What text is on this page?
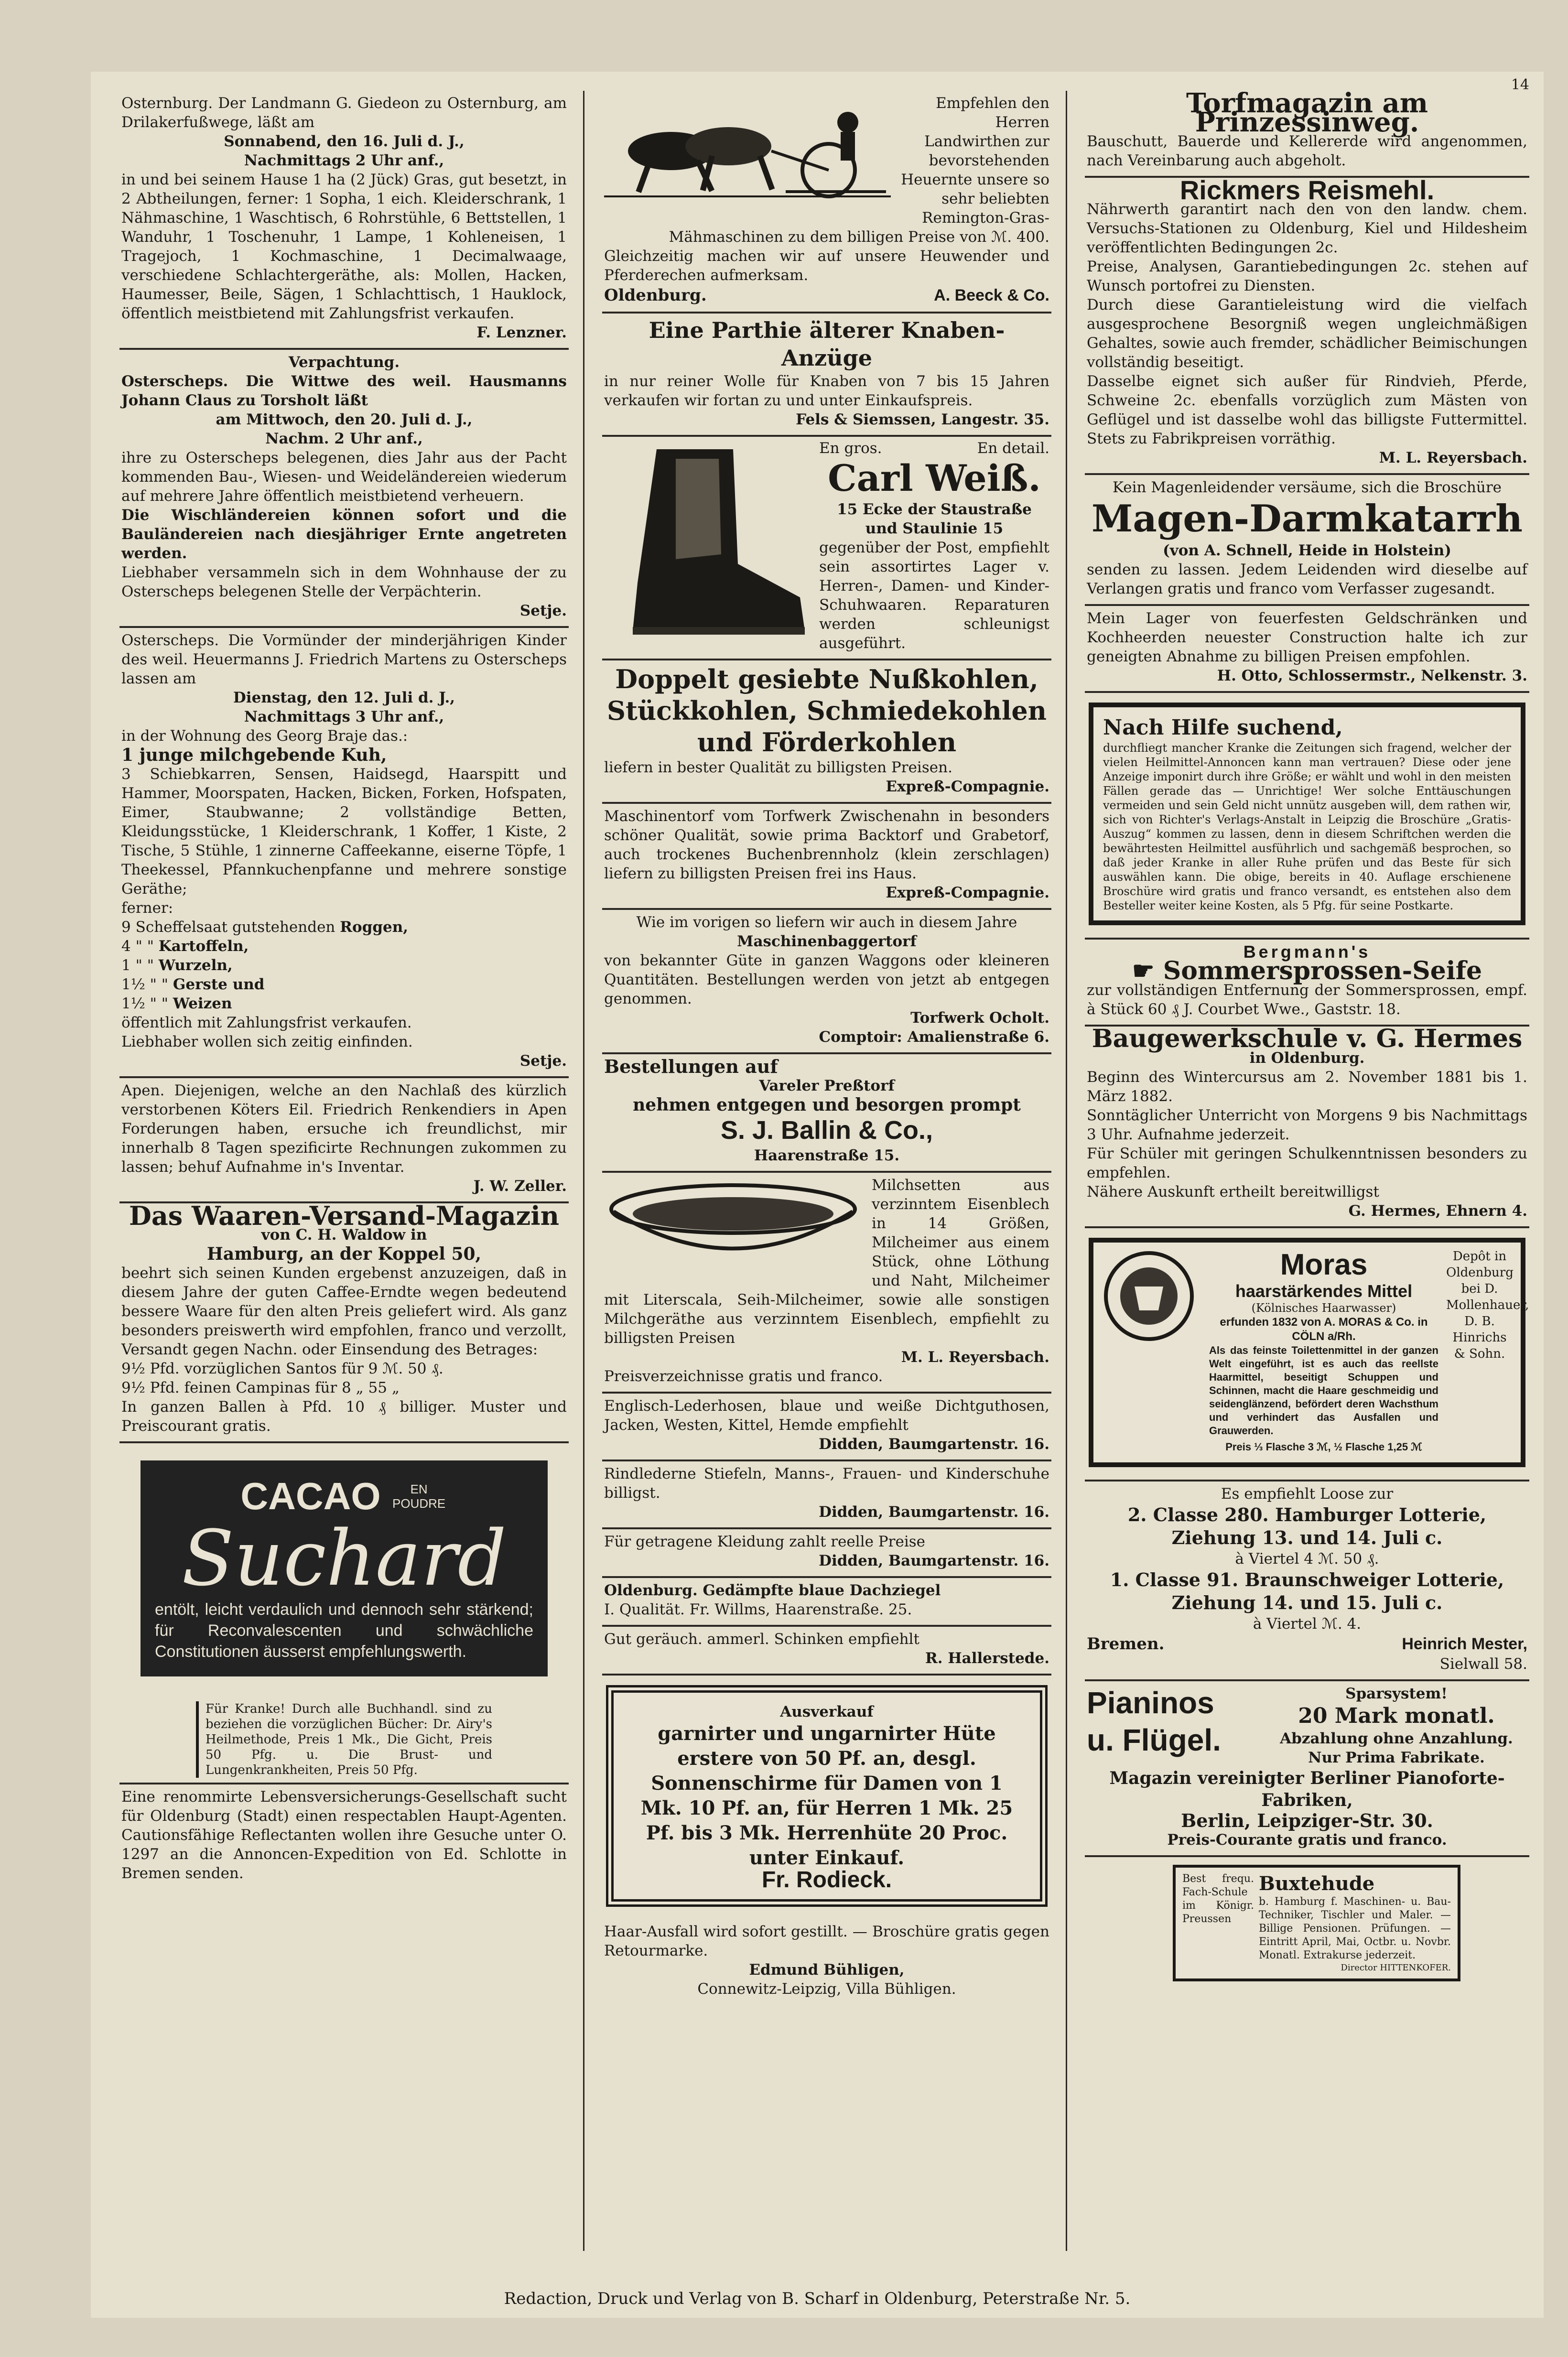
14

Osternburg. Der Landmann G. Giedeon zu Osternburg, am Drilakerfußwege, läßt am

Sonnabend, den 16. Juli d. J.,

Nachmittags 2 Uhr anf.,

in und bei seinem Hause 1 ha (2 Jück) Gras, gut besetzt, in 2 Abtheilungen, ferner: 1 Sopha, 1 eich. Kleiderschrank, 1 Nähmaschine, 1 Waschtisch, 6 Rohrstühle, 6 Bettstellen, 1 Wanduhr, 1 Toschenuhr, 1 Lampe, 1 Kohleneisen, 1 Tragejoch, 1 Kochmaschine, 1 Decimalwaage, verschiedene Schlachtergeräthe, als: Mollen, Hacken, Haumesser, Beile, Sägen, 1 Schlachttisch, 1 Hauklock, öffentlich meistbietend mit Zahlungsfrist verkaufen.

F. Lenzner.

Verpachtung.

Osterscheps. Die Wittwe des weil. Hausmanns Johann Claus zu Torsholt läßt

am Mittwoch, den 20. Juli d. J.,

Nachm. 2 Uhr anf.,

ihre zu Osterscheps belegenen, dies Jahr aus der Pacht kommenden Bau-, Wiesen- und Weideländereien wiederum auf mehrere Jahre öffentlich meistbietend verheuern.

Die Wischländereien können sofort und die Bauländereien nach diesjähriger Ernte angetreten werden.

Liebhaber versammeln sich in dem Wohnhause der zu Osterscheps belegenen Stelle der Verpächterin.

Setje.

Osterscheps. Die Vormünder der minderjährigen Kinder des weil. Heuermanns J. Friedrich Martens zu Osterscheps lassen am

Dienstag, den 12. Juli d. J.,

Nachmittags 3 Uhr anf.,

in der Wohnung des Georg Braje das.:

1 junge milchgebende Kuh,

3 Schiebkarren, Sensen, Haidsegd, Haarspitt und Hammer, Moorspaten, Hacken, Bicken, Forken, Hofspaten, Eimer, Staubwanne; 2 vollständige Betten, Kleidungsstücke, 1 Kleiderschrank, 1 Koffer, 1 Kiste, 2 Tische, 5 Stühle, 1 zinnerne Caffeekanne, eiserne Töpfe, 1 Theekessel, Pfannkuchenpfanne und mehrere sonstige Geräthe;

ferner:

9 Scheffelsaat gutstehenden Roggen,

4 " " Kartoffeln,

1 " " Wurzeln,

1½ " " Gerste und

1½ " " Weizen

öffentlich mit Zahlungsfrist verkaufen.

Liebhaber wollen sich zeitig einfinden.

Setje.

Apen. Diejenigen, welche an den Nachlaß des kürzlich verstorbenen Köters Eil. Friedrich Renkendiers in Apen Forderungen haben, ersuche ich freundlichst, mir innerhalb 8 Tagen spezificirte Rechnungen zukommen zu lassen; behuf Aufnahme in's Inventar.

J. W. Zeller.

Das Waaren-Versand-Magazin

von C. H. Waldow in

Hamburg, an der Koppel 50,

beehrt sich seinen Kunden ergebenst anzuzeigen, daß in diesem Jahre der guten Caffee-Erndte wegen bedeutend bessere Waare für den alten Preis geliefert wird. Als ganz besonders preiswerth wird empfohlen, franco und verzollt, Versandt gegen Nachn. oder Einsendung des Betrages:

9½ Pfd. vorzüglichen Santos für 9 ℳ. 50 ₰.

9½ Pfd. feinen Campinas für 8 „ 55 „

In ganzen Ballen à Pfd. 10 ₰ billiger. Muster und Preiscourant gratis.

CACAO	EN POUDRE
Suchard

entölt, leicht verdaulich und dennoch sehr stärkend; für Reconvalescenten und schwächliche Constitutionen äusserst empfehlungswerth.

Für Kranke! Durch alle Buchhandl. sind zu beziehen die vorzüglichen Bücher: Dr. Airy's Heilmethode, Preis 1 Mk., Die Gicht, Preis 50 Pfg. u. Die Brust- und Lungenkrankheiten, Preis 50 Pfg.

Eine renommirte Lebensversicherungs-Gesellschaft sucht für Oldenburg (Stadt) einen respectablen Haupt-Agenten. Cautionsfähige Reflectanten wollen ihre Gesuche unter O. 1297 an die Annoncen-Expedition von Ed. Schlotte in Bremen senden.

Empfehlen den Herren Landwirthen zur bevorstehenden Heuernte unsere so sehr beliebten Remington-Gras-Mähmaschinen zu dem billigen Preise von ℳ. 400.

Gleichzeitig machen wir auf unsere Heuwender und Pferderechen aufmerksam.

Oldenburg.	A. Beeck & Co.

Eine Parthie älterer Knaben-Anzüge

in nur reiner Wolle für Knaben von 7 bis 15 Jahren verkaufen wir fortan zu und unter Einkaufspreis.

Fels & Siemssen, Langestr. 35.

En gros.	En detail.

Carl Weiß.

15 Ecke der Staustraße und Staulinie 15

gegenüber der Post, empfiehlt sein assortirtes Lager v. Herren-, Damen- und Kinder-Schuhwaaren. Reparaturen werden schleunigst ausgeführt.

Doppelt gesiebte Nußkohlen, Stückkohlen, Schmiedekohlen und Förderkohlen

liefern in bester Qualität zu billigsten Preisen.

Expreß-Compagnie.

Maschinentorf vom Torfwerk Zwischenahn in besonders schöner Qualität, sowie prima Backtorf und Grabetorf, auch trockenes Buchenbrennholz (klein zerschlagen) liefern zu billigsten Preisen frei ins Haus.

Expreß-Compagnie.

Wie im vorigen so liefern wir auch in diesem Jahre

Maschinenbaggertorf

von bekannter Güte in ganzen Waggons oder kleineren Quantitäten. Bestellungen werden von jetzt ab entgegen genommen.

Torfwerk Ocholt.

Comptoir: Amalienstraße 6.

Bestellungen auf

Vareler Preßtorf

nehmen entgegen und besorgen prompt

S. J. Ballin & Co.,

Haarenstraße 15.

Milchsetten aus verzinntem Eisenblech in 14 Größen, Milcheimer aus einem Stück, ohne Löthung und Naht, Milcheimer mit Literscala, Seih-Milcheimer, sowie alle sonstigen Milchgeräthe aus verzinntem Eisenblech, empfiehlt zu billigsten Preisen

M. L. Reyersbach.

Preisverzeichnisse gratis und franco.

Englisch-Lederhosen, blaue und weiße Dichtguthosen, Jacken, Westen, Kittel, Hemde empfiehlt

Didden, Baumgartenstr. 16.

Rindlederne Stiefeln, Manns-, Frauen- und Kinderschuhe billigst.

Didden, Baumgartenstr. 16.

Für getragene Kleidung zahlt reelle Preise

Didden, Baumgartenstr. 16.

Oldenburg. Gedämpfte blaue Dachziegel

I. Qualität. Fr. Willms, Haarenstraße. 25.

Gut geräuch. ammerl. Schinken empfiehlt

R. Hallerstede.

Ausverkauf

garnirter und ungarnirter Hüte erstere von 50 Pf. an, desgl. Sonnenschirme für Damen von 1 Mk. 10 Pf. an, für Herren 1 Mk. 25 Pf. bis 3 Mk. Herrenhüte 20 Proc. unter Einkauf.

Fr. Rodieck.

Haar-Ausfall wird sofort gestillt. — Broschüre gratis gegen Retourmarke.

Edmund Bühligen,

Connewitz-Leipzig, Villa Bühligen.

Torfmagazin am Prinzessinweg.

Bauschutt, Bauerde und Kellererde wird angenommen, nach Vereinbarung auch abgeholt.

Rickmers Reismehl.

Nährwerth garantirt nach den von den landw. chem. Versuchs-Stationen zu Oldenburg, Kiel und Hildesheim veröffentlichten Bedingungen 2c.

Preise, Analysen, Garantiebedingungen 2c. stehen auf Wunsch portofrei zu Diensten.

Durch diese Garantieleistung wird die vielfach ausgesprochene Besorgniß wegen ungleichmäßigen Gehaltes, sowie auch fremder, schädlicher Beimischungen vollständig beseitigt.

Dasselbe eignet sich außer für Rindvieh, Pferde, Schweine 2c. ebenfalls vorzüglich zum Mästen von Geflügel und ist dasselbe wohl das billigste Futtermittel. Stets zu Fabrikpreisen vorräthig.

M. L. Reyersbach.

Kein Magenleidender versäume, sich die Broschüre

Magen-Darmkatarrh

(von A. Schnell, Heide in Holstein)

senden zu lassen. Jedem Leidenden wird dieselbe auf Verlangen gratis und franco vom Verfasser zugesandt.

Mein Lager von feuerfesten Geldschränken und Kochheerden neuester Construction halte ich zur geneigten Abnahme zu billigen Preisen empfohlen.

H. Otto, Schlossermstr., Nelkenstr. 3.

Nach Hilfe suchend,

durchfliegt mancher Kranke die Zeitungen sich fragend, welcher der vielen Heilmittel-Annoncen kann man vertrauen? Diese oder jene Anzeige imponirt durch ihre Größe; er wählt und wohl in den meisten Fällen gerade das — Unrichtige! Wer solche Enttäuschungen vermeiden und sein Geld nicht unnütz ausgeben will, dem rathen wir, sich von Richter's Verlags-Anstalt in Leipzig die Broschüre „Gratis-Auszug“ kommen zu lassen, denn in diesem Schriftchen werden die bewährtesten Heilmittel ausführlich und sachgemäß besprochen, so daß jeder Kranke in aller Ruhe prüfen und das Beste für sich auswählen kann. Die obige, bereits in 40. Auflage erschienene Broschüre wird gratis und franco versandt, es entstehen also dem Besteller weiter keine Kosten, als 5 Pfg. für seine Postkarte.

Bergmann's

☛ Sommersprossen-Seife

zur vollständigen Entfernung der Sommersprossen, empf. à Stück 60 ₰ J. Courbet Wwe., Gaststr. 18.

Baugewerkschule v. G. Hermes

in Oldenburg.

Beginn des Wintercursus am 2. November 1881 bis 1. März 1882.

Sonntäglicher Unterricht von Morgens 9 bis Nachmittags 3 Uhr. Aufnahme jederzeit.

Für Schüler mit geringen Schulkenntnissen besonders zu empfehlen.

Nähere Auskunft ertheilt bereitwilligst

G. Hermes, Ehnern 4.

Moras

haarstärkendes Mittel

(Kölnisches Haarwasser)

erfunden 1832 von A. MORAS & Co. in CÖLN a/Rh.

Als das feinste Toilettenmittel in der ganzen Welt eingeführt, ist es auch das reellste Haarmittel, beseitigt Schuppen und Schinnen, macht die Haare geschmeidig und seidenglänzend, befördert deren Wachsthum und verhindert das Ausfallen und Grauwerden.

Preis ⅓ Flasche 3 ℳ, ½ Flasche 1,25 ℳ

Depôt in Oldenburg bei D. Mollenhauer, D. B. Hinrichs & Sohn.

Es empfiehlt Loose zur

2. Classe 280. Hamburger Lotterie, Ziehung 13. und 14. Juli c.

à Viertel 4 ℳ. 50 ₰.

1. Classe 91. Braunschweiger Lotterie, Ziehung 14. und 15. Juli c.

à Viertel ℳ. 4.

Bremen.	Heinrich Mester,

Sielwall 58.

Pianinos

u. Flügel.

Sparsystem!

20 Mark monatl.

Abzahlung ohne Anzahlung.

Nur Prima Fabrikate.

Magazin vereinigter Berliner Pianoforte-Fabriken,

Berlin, Leipziger-Str. 30.

Preis-Courante gratis und franco.

Best frequ. Fach-Schule im Königr. Preussen

Buxtehude

b. Hamburg f. Maschinen- u. Bau-Techniker, Tischler und Maler. — Billige Pensionen. Prüfungen. — Eintritt April, Mai, Octbr. u. Novbr. Monatl. Extrakurse jederzeit.

Director HITTENKOFER.

Redaction, Druck und Verlag von B. Scharf in Oldenburg, Peterstraße Nr. 5.
